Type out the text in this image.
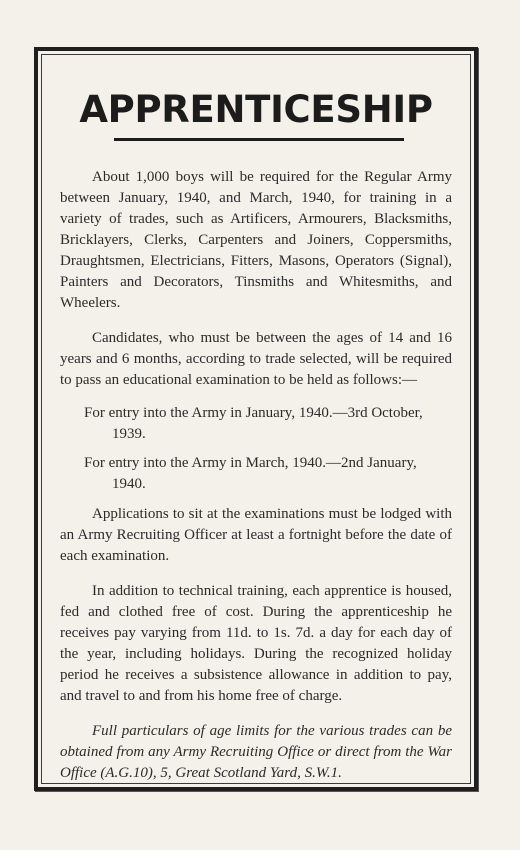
APPRENTICESHIP

About 1,000 boys will be required for the Regular Army between January, 1940, and March, 1940, for training in a variety of trades, such as Artificers, Armourers, Blacksmiths, Bricklayers, Clerks, Carpenters and Joiners, Coppersmiths, Draughtsmen, Electricians, Fitters, Masons, Operators (Signal), Painters and Decorators, Tinsmiths and Whitesmiths, and Wheelers.

Candidates, who must be between the ages of 14 and 16 years and 6 months, according to trade selected, will be required to pass an educational examination to be held as follows:—

For entry into the Army in January, 1940.—3rd October, 1939.
For entry into the Army in March, 1940.—2nd January, 1940.

Applications to sit at the examinations must be lodged with an Army Recruiting Officer at least a fortnight before the date of each examination.

In addition to technical training, each apprentice is housed, fed and clothed free of cost. During the apprenticeship he receives pay varying from 11d. to 1s. 7d. a day for each day of the year, including holidays. During the recognized holiday period he receives a subsistence allowance in addition to pay, and travel to and from his home free of charge.

Full particulars of age limits for the various trades can be obtained from any Army Recruiting Office or direct from the War Office (A.G.10), 5, Great Scotland Yard, S.W.1.
